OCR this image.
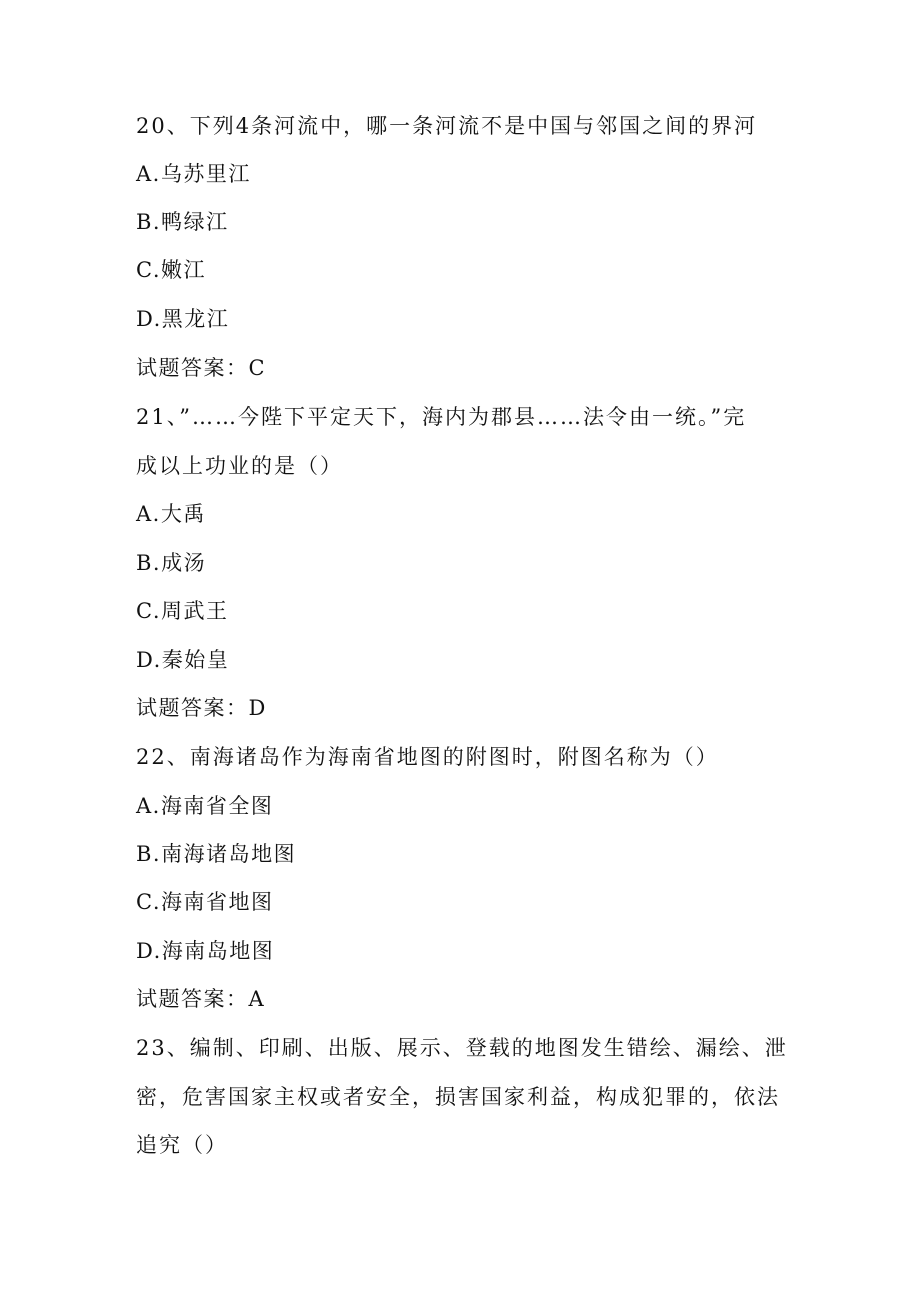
20、下列4条河流中，哪一条河流不是中国与邻国之间的界河
A.乌苏里江
B.鸭绿江
C.嫩江
D.黑龙江
试题答案：C
21、”……今陛下平定天下，海内为郡县……法令由一统。”完
成以上功业的是（）
A.大禹
B.成汤
C.周武王
D.秦始皇
试题答案：D
22、南海诸岛作为海南省地图的附图时，附图名称为（）
A.海南省全图
B.南海诸岛地图
C.海南省地图
D.海南岛地图
试题答案：A
23、编制、印刷、出版、展示、登载的地图发生错绘、漏绘、泄
密，危害国家主权或者安全，损害国家利益，构成犯罪的，依法
追究（）
